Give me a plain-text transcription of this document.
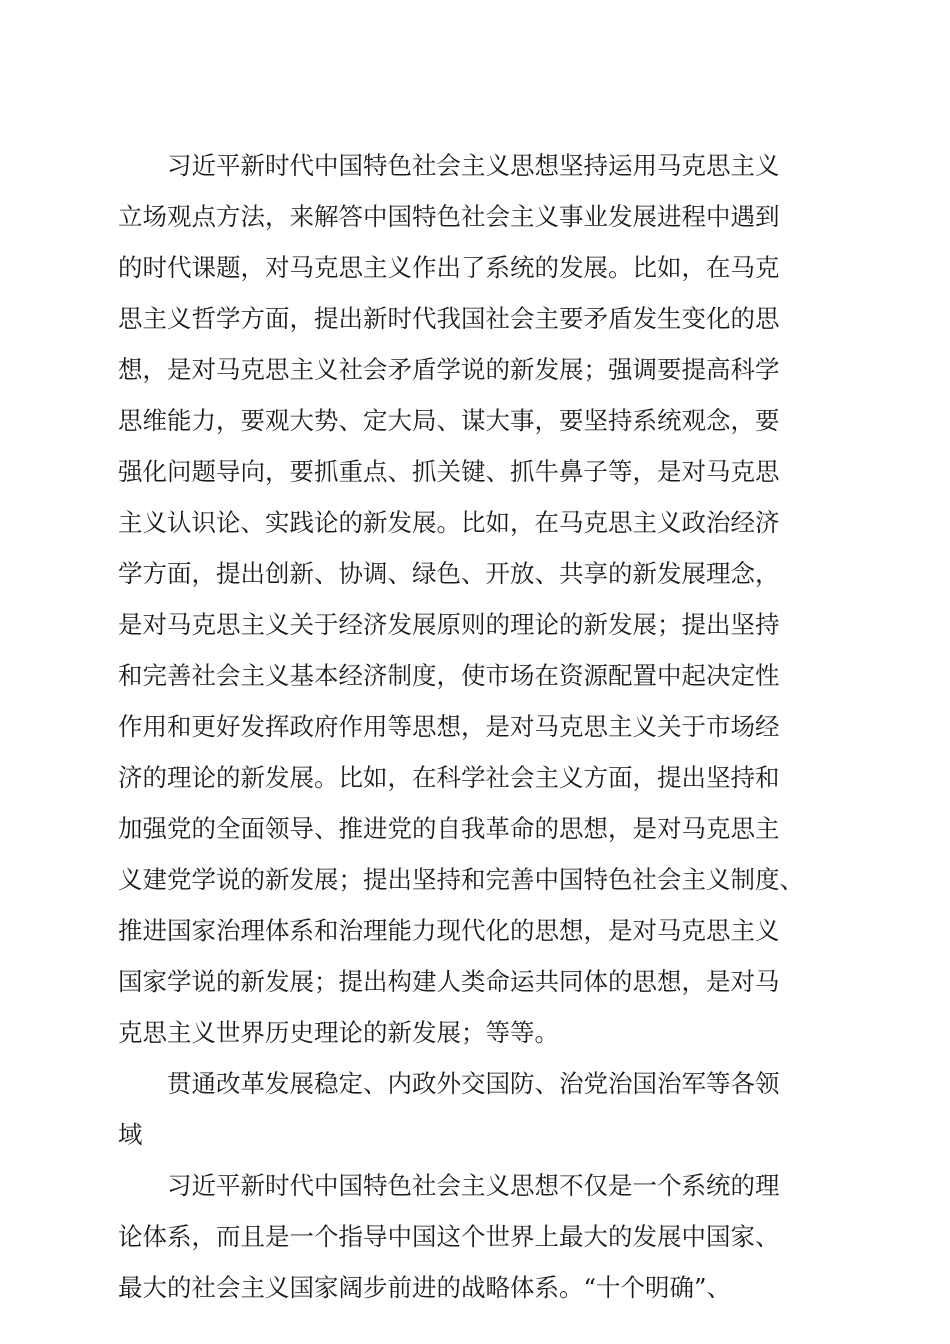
　　习近平新时代中国特色社会主义思想坚持运用马克思主义
立场观点方法，来解答中国特色社会主义事业发展进程中遇到
的时代课题，对马克思主义作出了系统的发展。比如，在马克
思主义哲学方面，提出新时代我国社会主要矛盾发生变化的思
想，是对马克思主义社会矛盾学说的新发展；强调要提高科学
思维能力，要观大势、定大局、谋大事，要坚持系统观念，要
强化问题导向，要抓重点、抓关键、抓牛鼻子等，是对马克思
主义认识论、实践论的新发展。比如，在马克思主义政治经济
学方面，提出创新、协调、绿色、开放、共享的新发展理念，
是对马克思主义关于经济发展原则的理论的新发展；提出坚持
和完善社会主义基本经济制度，使市场在资源配置中起决定性
作用和更好发挥政府作用等思想，是对马克思主义关于市场经
济的理论的新发展。比如，在科学社会主义方面，提出坚持和
加强党的全面领导、推进党的自我革命的思想，是对马克思主
义建党学说的新发展；提出坚持和完善中国特色社会主义制度、
推进国家治理体系和治理能力现代化的思想，是对马克思主义
国家学说的新发展；提出构建人类命运共同体的思想，是对马
克思主义世界历史理论的新发展；等等。
　　贯通改革发展稳定、内政外交国防、治党治国治军等各领
域
　　习近平新时代中国特色社会主义思想不仅是一个系统的理
论体系，而且是一个指导中国这个世界上最大的发展中国家、
最大的社会主义国家阔步前进的战略体系。“十个明确”、
